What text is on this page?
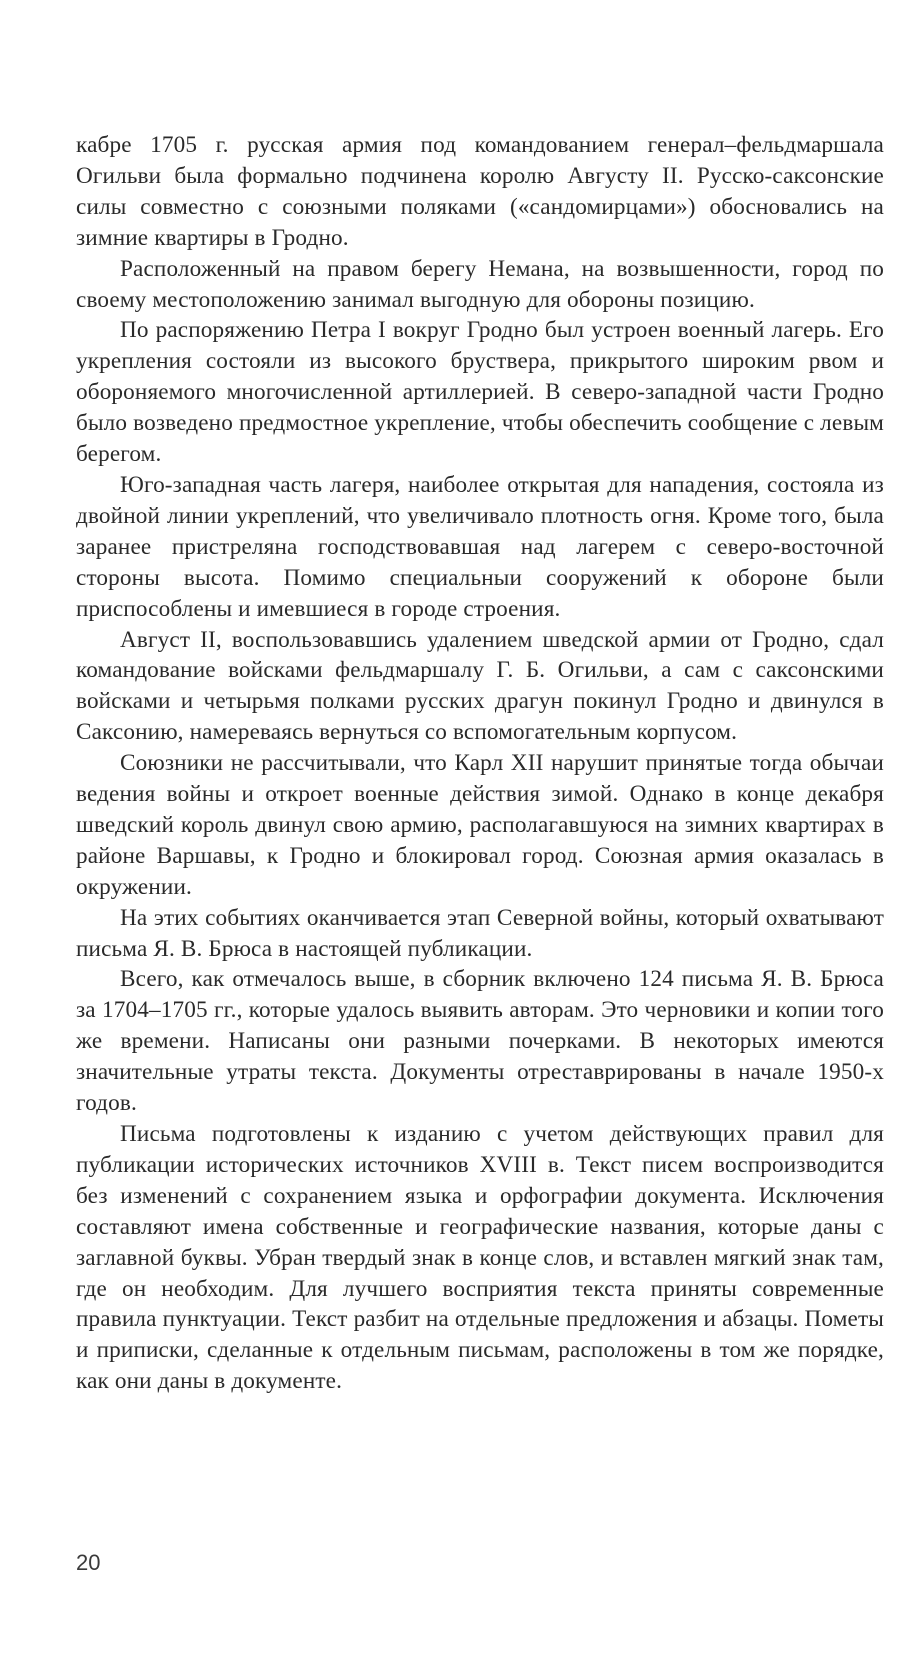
кабре 1705 г. русская армия под командованием генерал–фельдмаршала Огильви была формально подчинена королю Августу II. Русско-саксонские силы совместно с союзными поляками («сандомирцами») обосновались на зимние квартиры в Гродно.

Расположенный на правом берегу Немана, на возвышенности, город по своему местоположению занимал выгодную для обороны позицию.

По распоряжению Петра I вокруг Гродно был устроен военный лагерь. Его укрепления состояли из высокого бруствера, прикрытого широким рвом и обороняемого многочисленной артиллерией. В северо-западной части Гродно было возведено предмостное укрепление, чтобы обеспечить сообщение с левым берегом.

Юго-западная часть лагеря, наиболее открытая для нападения, состояла из двойной линии укреплений, что увеличивало плотность огня. Кроме того, была заранее пристреляна господствовавшая над лагерем с северо-восточной стороны высота. Помимо специальныи сооружений к обороне были приспособлены и имевшиеся в городе строения.

Август II, воспользовавшись удалением шведской армии от Гродно, сдал командование войсками фельдмаршалу Г. Б. Огильви, а сам с саксонскими войсками и четырьмя полками русских драгун покинул Гродно и двинулся в Саксонию, намереваясь вернуться со вспомогательным корпусом.

Союзники не рассчитывали, что Карл XII нарушит принятые тогда обычаи ведения войны и откроет военные действия зимой. Однако в конце декабря шведский король двинул свою армию, располагавшуюся на зимних квартирах в районе Варшавы, к Гродно и блокировал город. Союзная армия оказалась в окружении.

На этих событиях оканчивается этап Северной войны, который охватывают письма Я. В. Брюса в настоящей публикации.

Всего, как отмечалось выше, в сборник включено 124 письма Я. В. Брюса за 1704–1705 гг., которые удалось выявить авторам. Это черновики и копии того же времени. Написаны они разными почерками. В некоторых имеются значительные утраты текста. Документы отреставрированы в начале 1950-х годов.

Письма подготовлены к изданию с учетом действующих правил для публикации исторических источников XVIII в. Текст писем воспроизводится без изменений с сохранением языка и орфографии документа. Исключения составляют имена собственные и географические названия, которые даны с заглавной буквы. Убран твердый знак в конце слов, и вставлен мягкий знак там, где он необходим. Для лучшего восприятия текста приняты современные правила пунктуации. Текст разбит на отдельные предложения и абзацы. Пометы и приписки, сделанные к отдельным письмам, расположены в том же порядке, как они даны в документе.

20
